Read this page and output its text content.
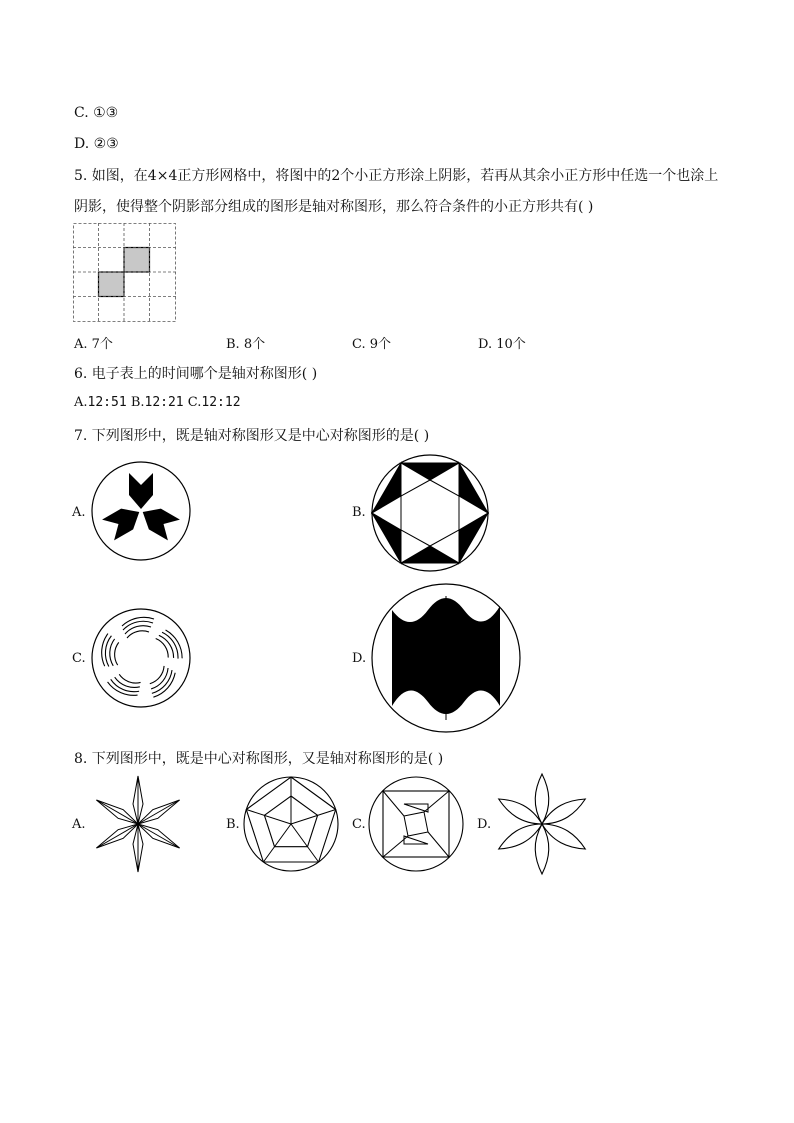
C. ①③
D. ②③
5. 如图，在4×4正方形网格中，将图中的2个小正方形涂上阴影，若再从其余小正方形中任选一个也涂上
阴影，使得整个阴影部分组成的图形是轴对称图形，那么符合条件的小正方形共有( )
A. 7个	B. 8个	C. 9个	D. 10个
6. 电子表上的时间哪个是轴对称图形( )
A.12:51 B.12:21 C.12:12
7. 下列图形中，既是轴对称图形又是中心对称图形的是( )
A.	B.
C.	D.
8. 下列图形中，既是中心对称图形，又是轴对称图形的是( )
A.	B.	C.	D.
